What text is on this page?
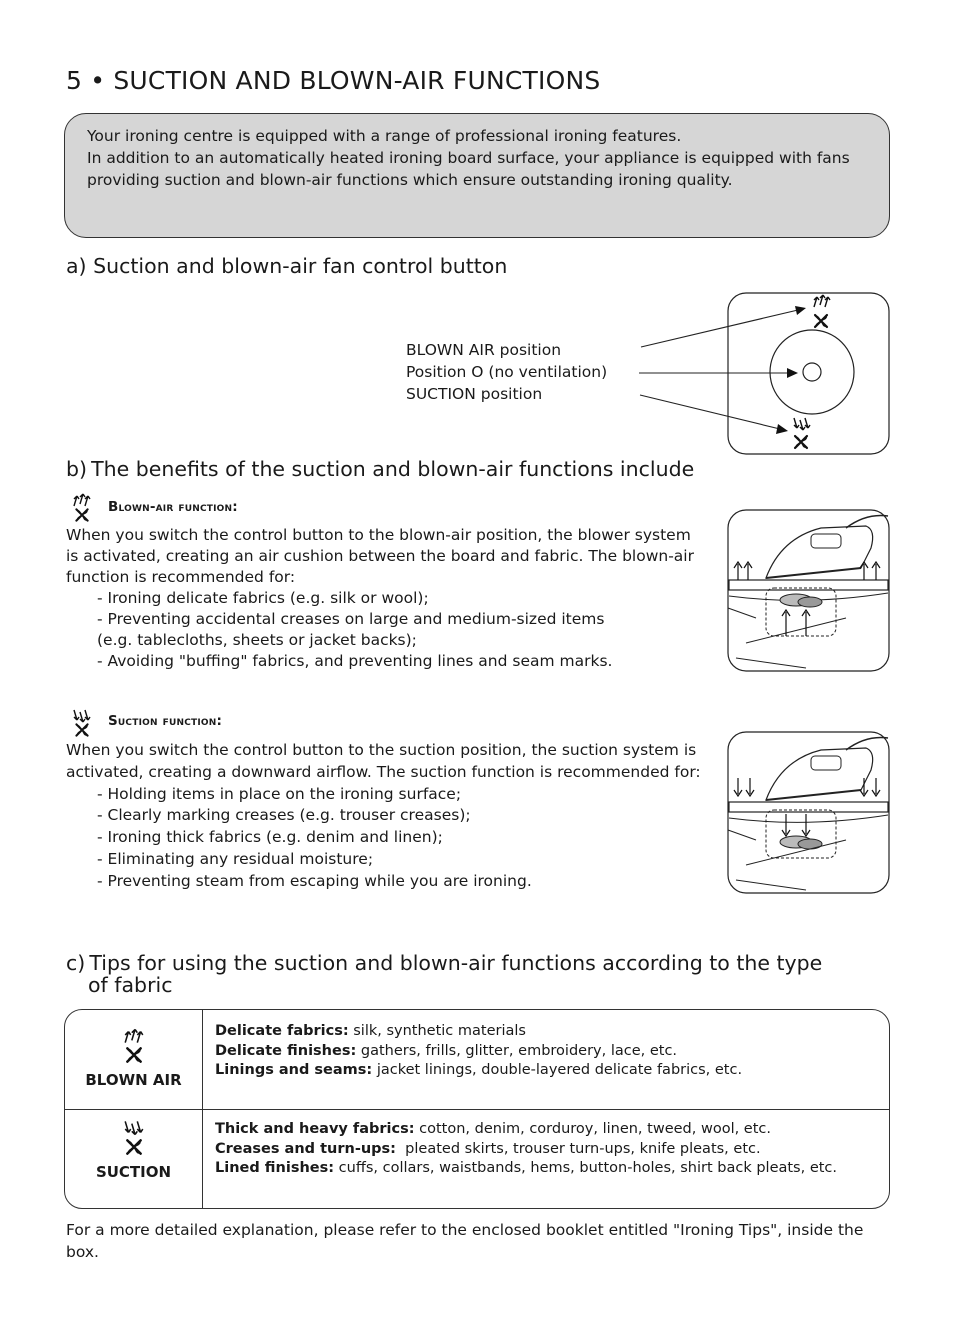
5 • SUCTION AND BLOWN-AIR FUNCTIONS

Your ironing centre is equipped with a range of professional ironing features.

In addition to an automatically heated ironing board surface, your appliance is equipped with fans providing suction and blown-air functions which ensure outstanding ironing quality.

a) Suction and blown-air fan control button
BLOWN AIR position
Position O (no ventilation)
SUCTION position
b) The benefits of the suction and blown-air functions include
Blown-air function:

When you switch the control button to the blown-air position, the blower system is activated, creating an air cushion between the board and fabric. The blown-air function is recommended for:

- Ironing delicate fabrics (e.g. silk or wool);

- Preventing accidental creases on large and medium-sized items

(e.g. tablecloths, sheets or jacket backs);

- Avoiding "buffing" fabrics, and preventing lines and seam marks.

Suction function:

When you switch the control button to the suction position, the suction system is activated, creating a downward airflow. The suction function is recommended for:

- Holding items in place on the ironing surface;

- Clearly marking creases (e.g. trouser creases);

- Ironing thick fabrics (e.g. denim and linen);

- Eliminating any residual moisture;

- Preventing steam from escaping while you are ironing.

c) Tips for using the suction and blown-air functions according to the type
of fabric
BLOWN AIR
Delicate fabrics: silk, synthetic materials
Delicate finishes: gathers, frills, glitter, embroidery, lace, etc.
Linings and seams: jacket linings, double-layered delicate fabrics, etc.
SUCTION
Thick and heavy fabrics: cotton, denim, corduroy, linen, tweed, wool, etc.
Creases and turn-ups:  pleated skirts, trouser turn-ups, knife pleats, etc.
Lined finishes: cuffs, collars, waistbands, hems, button-holes, shirt back pleats, etc.

For a more detailed explanation, please refer to the enclosed booklet entitled "Ironing Tips", inside the box.
